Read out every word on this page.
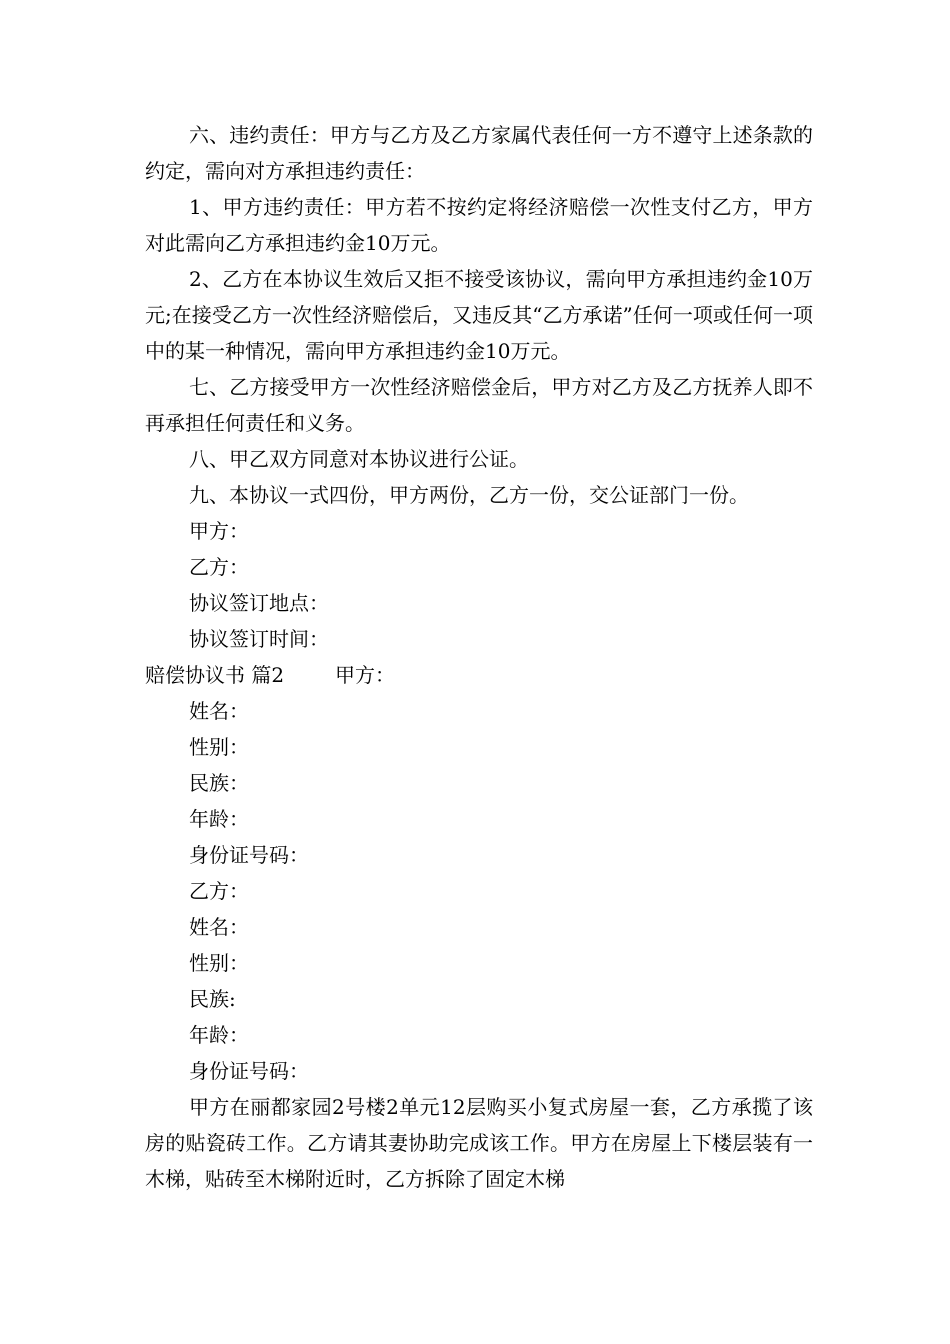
六、违约责任：甲方与乙方及乙方家属代表任何一方不遵守上述条款的约定，需向对方承担违约责任：

1、甲方违约责任：甲方若不按约定将经济赔偿一次性支付乙方，甲方对此需向乙方承担违约金10万元。

2、乙方在本协议生效后又拒不接受该协议，需向甲方承担违约金10万元;在接受乙方一次性经济赔偿后，又违反其“乙方承诺”任何一项或任何一项中的某一种情况，需向甲方承担违约金10万元。

七、乙方接受甲方一次性经济赔偿金后，甲方对乙方及乙方抚养人即不再承担任何责任和义务。

八、甲乙双方同意对本协议进行公证。

九、本协议一式四份，甲方两份，乙方一份，交公证部门一份。

甲方：

乙方：

协议签订地点：

协议签订时间：

赔偿协议书 篇2	甲方：

姓名：

性别：

民族：

年龄：

身份证号码：

乙方：

姓名：

性别：

民族:

年龄：

身份证号码：

甲方在丽都家园2号楼2单元12层购买小复式房屋一套，乙方承揽了该房的贴瓷砖工作。乙方请其妻协助完成该工作。甲方在房屋上下楼层装有一木梯，贴砖至木梯附近时，乙方拆除了固定木梯
